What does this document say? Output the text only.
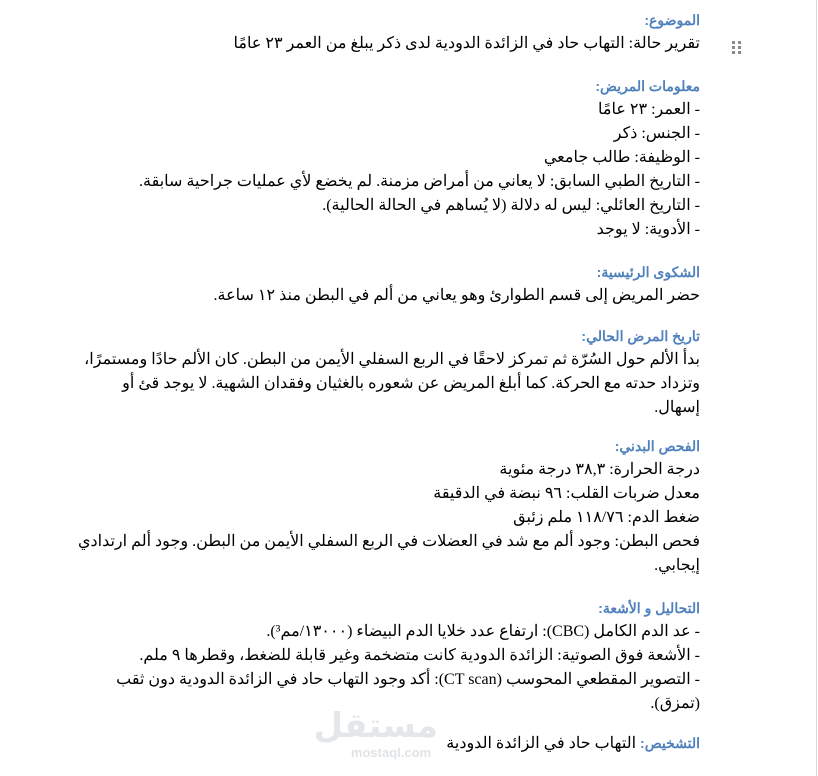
الموضوع:
تقرير حالة: التهاب حاد في الزائدة الدودية لدى ذكر يبلغ من العمر ٢٣ عامًا
معلومات المريض:
- العمر: ٢٣ عامًا
- الجنس: ذكر
- الوظيفة: طالب جامعي
- التاريخ الطبي السابق: لا يعاني من أمراض مزمنة. لم يخضع لأي عمليات جراحية سابقة.
- التاريخ العائلي: ليس له دلالة (لا يُساهم في الحالة الحالية).
- الأدوية: لا يوجد
الشكوى الرئيسية:
حضر المريض إلى قسم الطوارئ وهو يعاني من ألم في البطن منذ ١٢ ساعة.
تاريخ المرض الحالي:
بدأ الألم حول السُرّة ثم تمركز لاحقًا في الربع السفلي الأيمن من البطن. كان الألم حادًا ومستمرًا،
وتزداد حدته مع الحركة. كما أبلغ المريض عن شعوره بالغثيان وفقدان الشهية. لا يوجد قئ أو
إسهال.
الفحص البدني:
درجة الحرارة: ٣٨,٣ درجة مئوية
معدل ضربات القلب: ٩٦ نبضة في الدقيقة
ضغط الدم: ١١٨/٧٦ ملم زئبق
فحص البطن: وجود ألم مع شد في العضلات في الربع السفلي الأيمن من البطن. وجود ألم ارتدادي
إيجابي.
التحاليل و الأشعة:
- عد الدم الكامل (CBC): ارتفاع عدد خلايا الدم البيضاء (١٣٠٠٠/مم³).
- الأشعة فوق الصوتية: الزائدة الدودية كانت متضخمة وغير قابلة للضغط، وقطرها ٩ ملم.
- التصوير المقطعي المحوسب (CT scan): أكد وجود التهاب حاد في الزائدة الدودية دون ثقب
(تمزق).
التشخيص: التهاب حاد في الزائدة الدودية
مستقل
mostaql.com
